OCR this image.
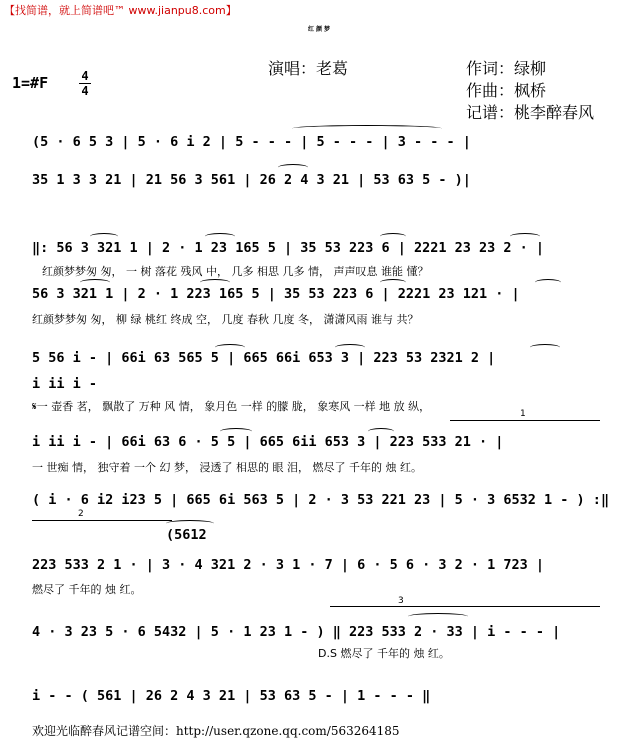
【找简谱，就上简谱吧™ www.jianpu8.com】
红颜梦
演唱：老葛	作词：绿柳
作曲：枫桥
记谱：桃李醉春风
1=#F	4
4
1
2
3
(5 · 6 5 3 | 5 · 6 i 2 | 5 - - - | 5 - - - | 3 - - - |
35 1 3 3 21 | 21 56 3 561 | 26 2 4 3 21 | 53 63 5 - )|
‖: 56 3 321 1 | 2 · 1 23 165 5 | 35 53 223 6 | 2221 23 23 2 · |
红颜梦梦匆 匆， 一 树 落花 残风 中， 几多 相思 几多 情， 声声叹息 谁能 懂？
56 3 321 1 | 2 · 1 223 165 5 | 35 53 223 6 | 2221 23 121 · |
红颜梦梦匆 匆， 柳 绿 桃红 终成 空， 几度 春秋 几度 冬， 潇潇风雨 谁与 共？
5 56 i - | 66i 63 565 5 | 665 66i 653 3 | 223 53 2321 2 |
i ii i -
𝄋一 壶香 茗， 飘散了 万种 风 情， 象月色 一样 的朦 胧， 象寒风 一样 地 放 纵，
i ii i - | 66i 63 6 · 5 5 | 665 6ii 653 3 | 223 533 21 · |
一 世痴 情， 独守着 一个 幻 梦， 浸透了 相思的 眼 泪， 燃尽了 千年的 烛 红。
( i · 6 i2 i23 5 | 665 6i 563 5 | 2 · 3 53 221 23 | 5 · 3 6532 1 - ) :‖
(5612
223 533 2 1 · | 3 · 4 321 2 · 3 1 · 7 | 6 · 5 6 · 3 2 · 1 723 |
燃尽了 千年的 烛 红。
4 · 3 23 5 · 6 5432 | 5 · 1 23 1 - ) ‖ 223 533 2 · 33 | i - - - |
D.S 燃尽了 千年的 烛 红。
i - - ( 561 | 26 2 4 3 21 | 53 63 5 - | 1 - - - ‖
欢迎光临醉春风记谱空间：http://user.qzone.qq.com/563264185
